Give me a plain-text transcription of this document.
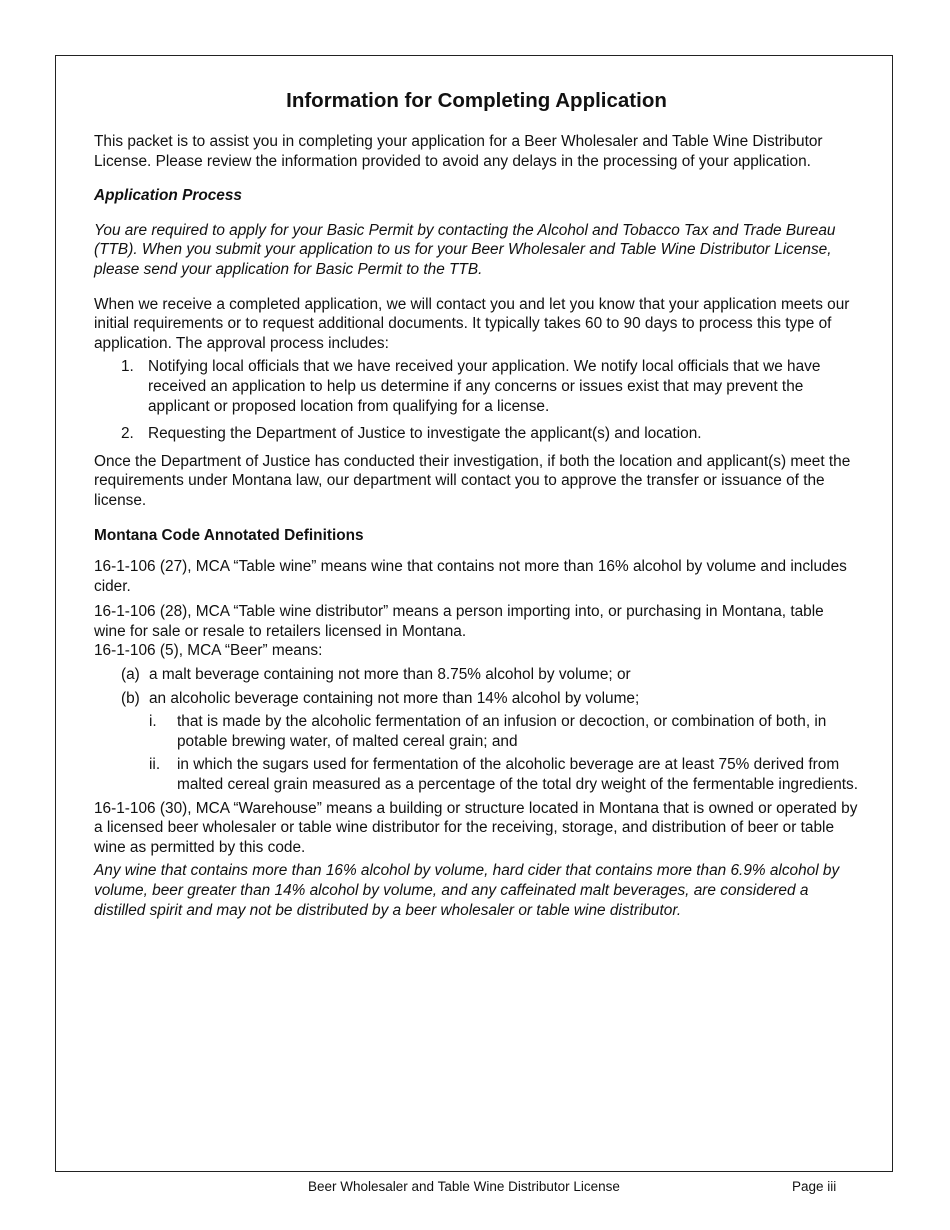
Information for Completing Application

This packet is to assist you in completing your application for a Beer Wholesaler and Table Wine Distributor License. Please review the information provided to avoid any delays in the processing of your application.

Application Process

You are required to apply for your Basic Permit by contacting the Alcohol and Tobacco Tax and Trade Bureau (TTB). When you submit your application to us for your Beer Wholesaler and Table Wine Distributor License, please send your application for Basic Permit to the TTB.

When we receive a completed application, we will contact you and let you know that your application meets our initial requirements or to request additional documents. It typically takes 60 to 90 days to process this type of application. The approval process includes:

1. Notifying local officials that we have received your application. We notify local officials that we have received an application to help us determine if any concerns or issues exist that may prevent the applicant or proposed location from qualifying for a license.
2. Requesting the Department of Justice to investigate the applicant(s) and location.

Once the Department of Justice has conducted their investigation, if both the location and applicant(s) meet the requirements under Montana law, our department will contact you to approve the transfer or issuance of the license.

Montana Code Annotated Definitions

16-1-106 (27), MCA “Table wine” means wine that contains not more than 16% alcohol by volume and includes cider.

16-1-106 (28), MCA “Table wine distributor” means a person importing into, or purchasing in Montana, table wine for sale or resale to retailers licensed in Montana.

16-1-106 (5), MCA “Beer” means:

(a) a malt beverage containing not more than 8.75% alcohol by volume; or
(b) an alcoholic beverage containing not more than 14% alcohol by volume;
i.	that is made by the alcoholic fermentation of an infusion or decoction, or combination of both, in potable brewing water, of malted cereal grain; and
ii.	in which the sugars used for fermentation of the alcoholic beverage are at least 75% derived from malted cereal grain measured as a percentage of the total dry weight of the fermentable ingredients.

16-1-106 (30), MCA “Warehouse” means a building or structure located in Montana that is owned or operated by a licensed beer wholesaler or table wine distributor for the receiving, storage, and distribution of beer or table wine as permitted by this code.

Any wine that contains more than 16% alcohol by volume, hard cider that contains more than 6.9% alcohol by volume, beer greater than 14% alcohol by volume, and any caffeinated malt beverages, are considered a distilled spirit and may not be distributed by a beer wholesaler or table wine distributor.

Beer Wholesaler and Table Wine Distributor License	Page iii
